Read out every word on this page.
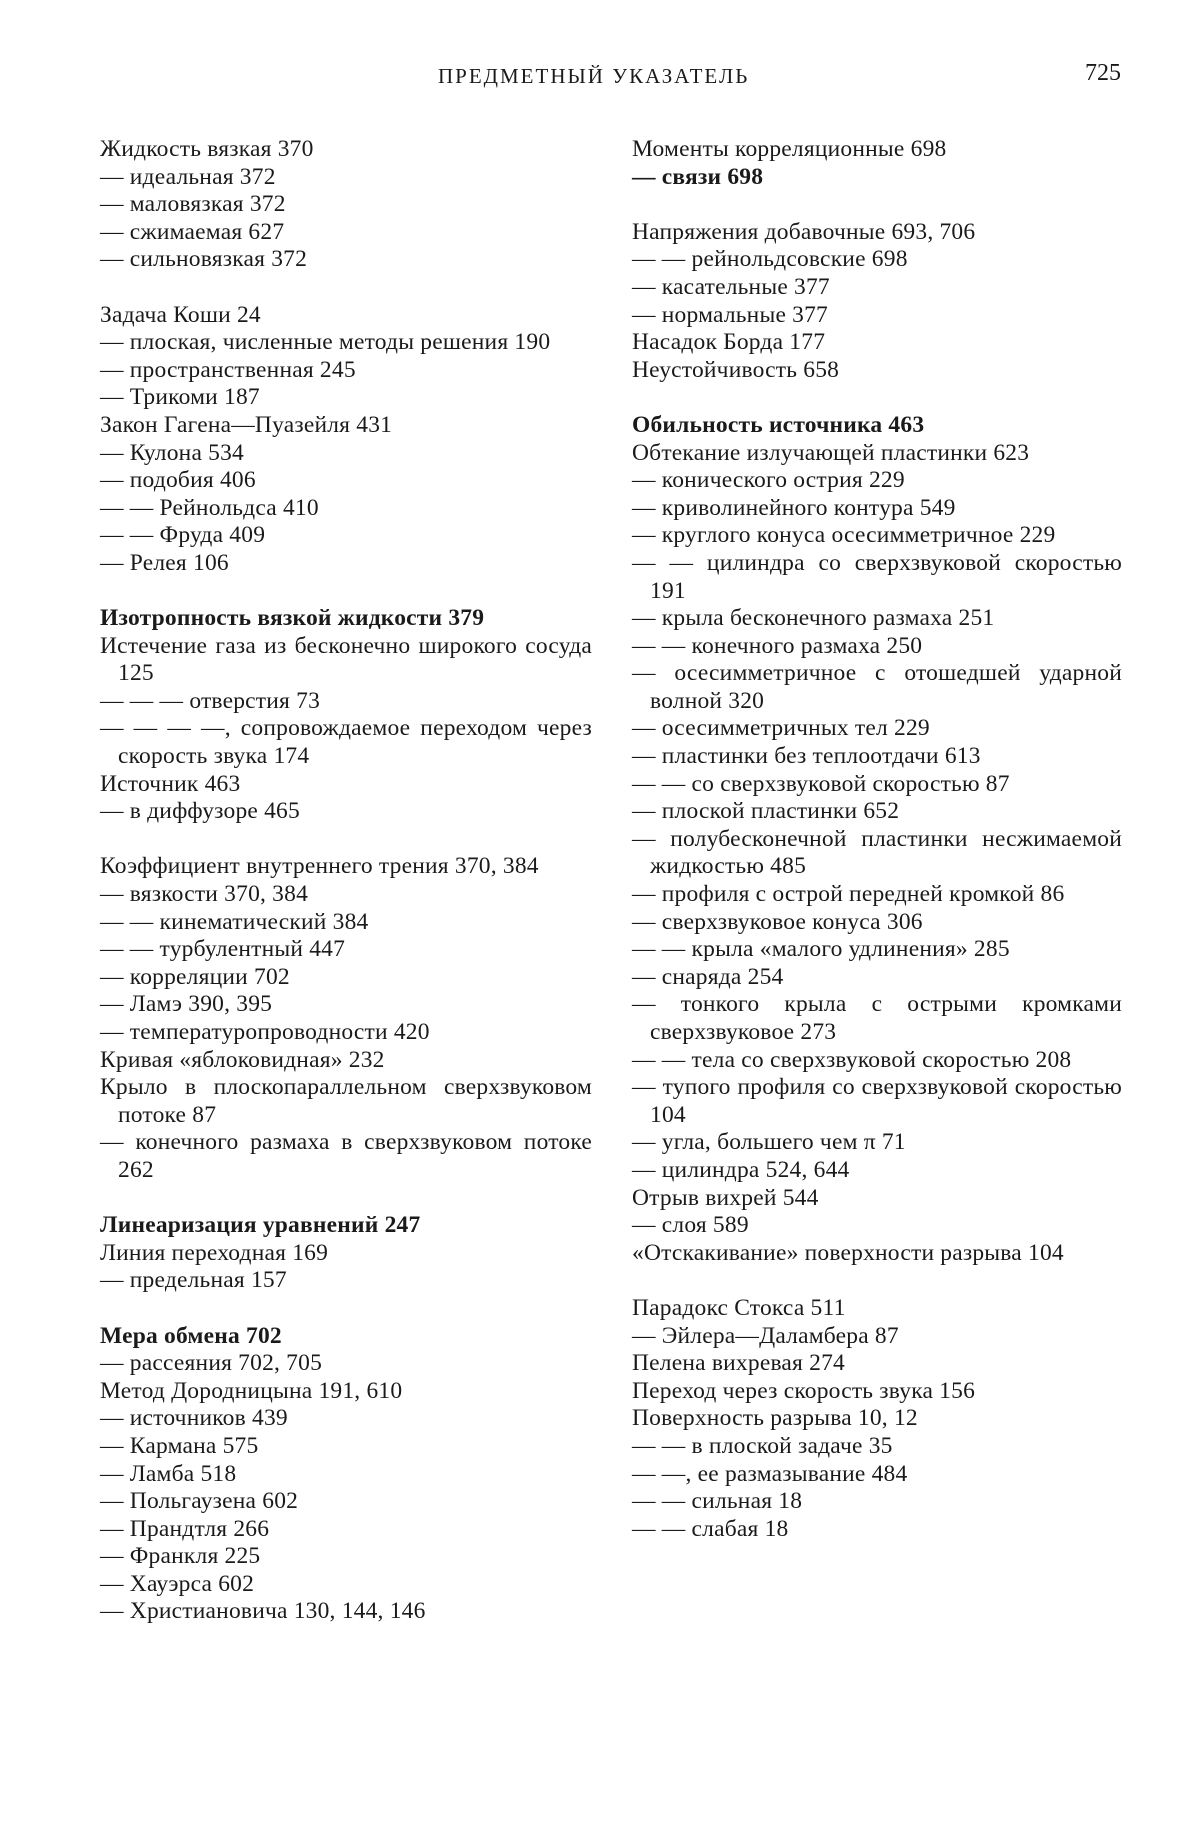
ПРЕДМЕТНЫЙ УКАЗАТЕЛЬ	725
Жидкость вязкая 370
— идеальная 372
— маловязкая 372
— сжимаемая 627
— сильновязкая 372
Задача Коши 24
— плоская, численные методы решения 190
— пространственная 245
— Трикоми 187
Закон Гагена—Пуазейля 431
— Кулона 534
— подобия 406
— — Рейнольдса 410
— — Фруда 409
— Релея 106
Изотропность вязкой жидкости 379
Истечение газа из бесконечно широкого сосуда 125
— — — отверстия 73
— — — —, сопровождаемое переходом через скорость звука 174
Источник 463
— в диффузоре 465
Коэффициент внутреннего трения 370, 384
— вязкости 370, 384
— — кинематический 384
— — турбулентный 447
— корреляции 702
— Ламэ 390, 395
— температуропроводности 420
Кривая «яблоковидная» 232
Крыло в плоскопараллельном сверхзвуковом потоке 87
— конечного размаха в сверхзвуковом потоке 262
Линеаризация уравнений 247
Линия переходная 169
— предельная 157
Мера обмена 702
— рассеяния 702, 705
Метод Дородницына 191, 610
— источников 439
— Кармана 575
— Ламба 518
— Польгаузена 602
— Прандтля 266
— Франкля 225
— Хауэрса 602
— Христиановича 130, 144, 146
Моменты корреляционные 698
— связи 698
Напряжения добавочные 693, 706
— — рейнольдсовские 698
— касательные 377
— нормальные 377
Насадок Борда 177
Неустойчивость 658
Обильность источника 463
Обтекание излучающей пластинки 623
— конического острия 229
— криволинейного контура 549
— круглого конуса осесимметричное 229
— — цилиндра со сверхзвуковой скоростью 191
— крыла бесконечного размаха 251
— — конечного размаха 250
— осесимметричное с отошедшей ударной волной 320
— осесимметричных тел 229
— пластинки без теплоотдачи 613
— — со сверхзвуковой скоростью 87
— плоской пластинки 652
— полубесконечной пластинки несжимаемой жидкостью 485
— профиля с острой передней кромкой 86
— сверхзвуковое конуса 306
— — крыла «малого удлинения» 285
— снаряда 254
— тонкого крыла с острыми кромками сверхзвуковое 273
— — тела со сверхзвуковой скоростью 208
— тупого профиля со сверхзвуковой скоростью 104
— угла, большего чем π 71
— цилиндра 524, 644
Отрыв вихрей 544
— слоя 589
«Отскакивание» поверхности разрыва 104
Парадокс Стокса 511
— Эйлера—Даламбера 87
Пелена вихревая 274
Переход через скорость звука 156
Поверхность разрыва 10, 12
— — в плоской задаче 35
— —, ее размазывание 484
— — сильная 18
— — слабая 18
